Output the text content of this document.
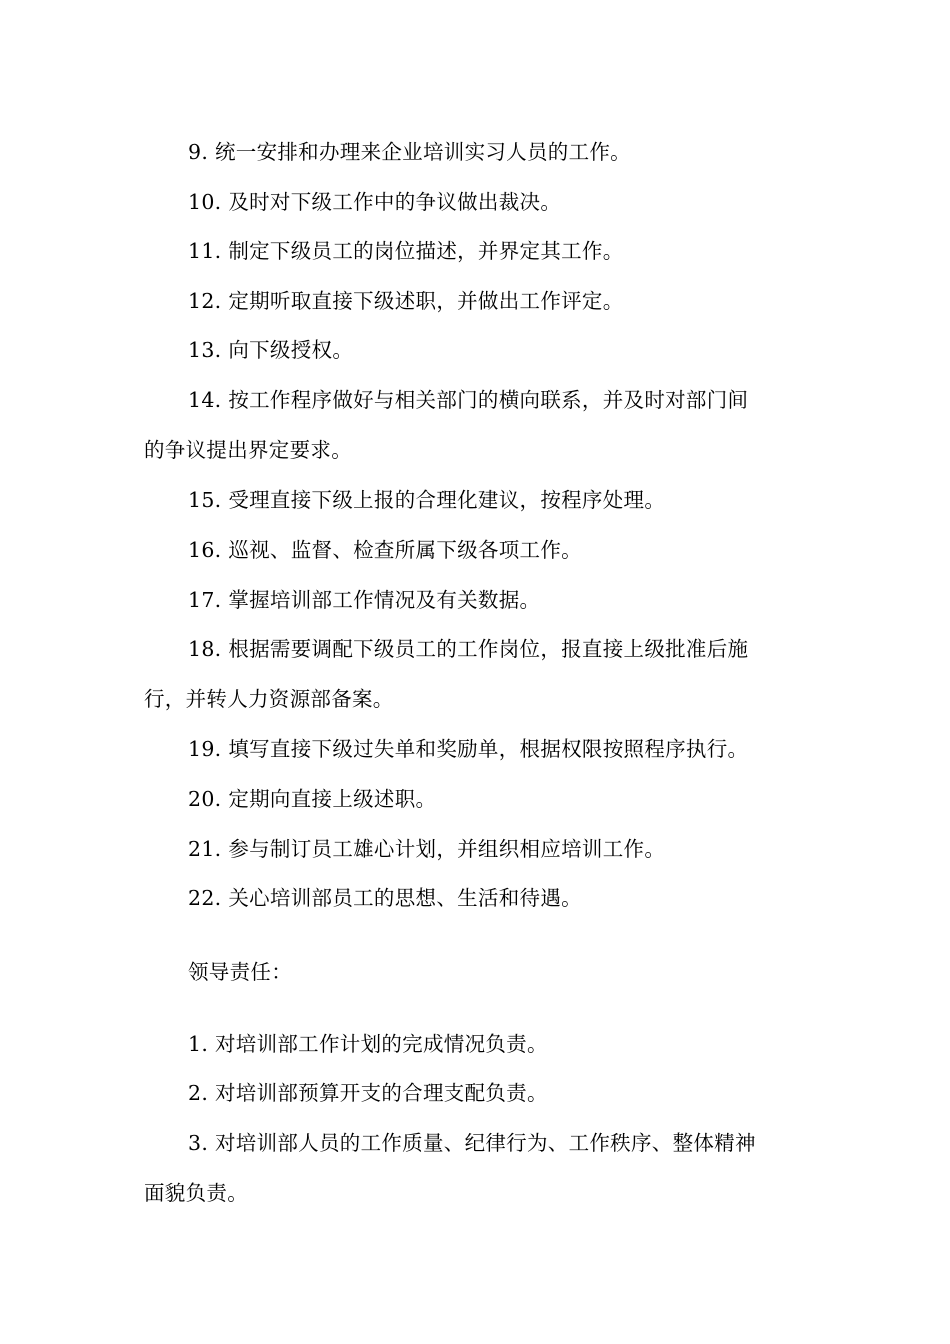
9. 统一安排和办理来企业培训实习人员的工作。
10. 及时对下级工作中的争议做出裁决。
11. 制定下级员工的岗位描述，并界定其工作。
12. 定期听取直接下级述职，并做出工作评定。
13. 向下级授权。
14. 按工作程序做好与相关部门的横向联系，并及时对部门间
的争议提出界定要求。
15. 受理直接下级上报的合理化建议，按程序处理。
16. 巡视、监督、检查所属下级各项工作。
17. 掌握培训部工作情况及有关数据。
18. 根据需要调配下级员工的工作岗位，报直接上级批准后施
行，并转人力资源部备案。
19. 填写直接下级过失单和奖励单，根据权限按照程序执行。
20. 定期向直接上级述职。
21. 参与制订员工雄心计划，并组织相应培训工作。
22. 关心培训部员工的思想、生活和待遇。
领导责任：
1. 对培训部工作计划的完成情况负责。
2. 对培训部预算开支的合理支配负责。
3. 对培训部人员的工作质量、纪律行为、工作秩序、整体精神
面貌负责。
